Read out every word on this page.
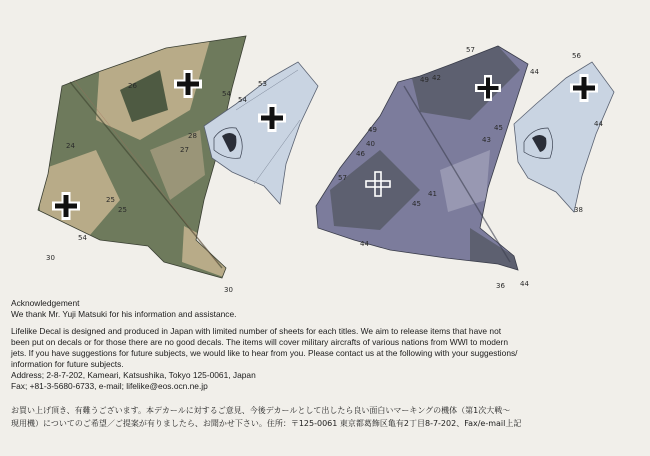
26
24	27
28
25
25
54
30
30
53
54
54
57
42
49
43
45
49
40
46
57
45
41
44
44
38
36
56
44
44
Acknowledgement
We thank Mr. Yuji Matsuki for his information and assistance.
Lifelike Decal is designed and produced in Japan with limited number of sheets for each titles. We aim to release items that have not
been put on decals or for those there are no good decals. The items will cover military aircrafts of various nations from WWI to modern
jets. If you have suggestions for future subjects, we would like to hear from you. Please contact us at the following with your suggestions/
information for future subjects.
Address; 2-8-7-202, Kameari, Katsushika, Tokyo 125-0061, Japan
Fax; +81-3-5680-6733, e-mail; lifelike@eos.ocn.ne.jp
お買い上げ頂き、有難うございます。本デカールに対するご意見、今後デカールとして出したら良い面白いマーキングの機体（第1次大戦～
現用機）についてのご希望／ご提案が有りましたら、お聞かせ下さい。住所：〒125-0061 東京都葛飾区亀有2丁目8-7-202、Fax/e-mail上記
